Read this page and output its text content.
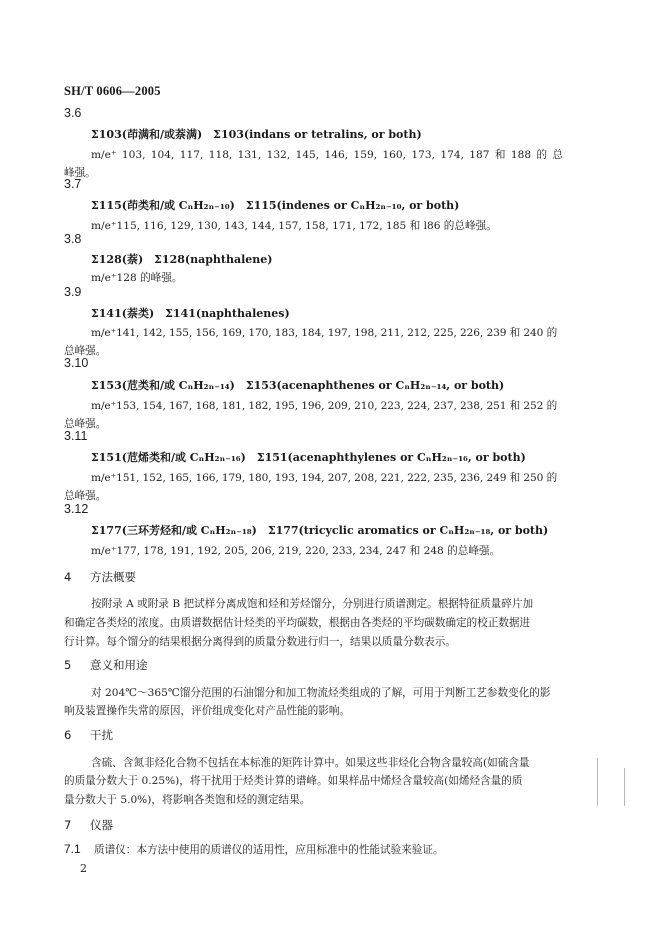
SH/T 0606—2005
3.6
Σ103(茚满和/或萘满)　Σ103(indans or tetralins, or both)
m/e⁺ 103, 104, 117, 118, 131, 132, 145, 146, 159, 160, 173, 174, 187 和 188 的 总
峰强。
3.7
Σ115(茚类和/或 CₙH₂ₙ₋₁₀)　Σ115(indenes or CₙH₂ₙ₋₁₀, or both)
m/e⁺115, 116, 129, 130, 143, 144, 157, 158, 171, 172, 185 和 l86 的总峰强。
3.8
Σ128(萘)　Σ128(naphthalene)
m/e⁺128 的峰强。
3.9
Σ141(萘类)　Σ141(naphthalenes)
m/e⁺141, 142, 155, 156, 169, 170, 183, 184, 197, 198, 211, 212, 225, 226, 239 和 240 的
总峰强。
3.10
Σ153(苊类和/或 CₙH₂ₙ₋₁₄)　Σ153(acenaphthenes or CₙH₂ₙ₋₁₄, or both)
m/e⁺153, 154, 167, 168, 181, 182, 195, 196, 209, 210, 223, 224, 237, 238, 251 和 252 的
总峰强。
3.11
Σ151(苊烯类和/或 CₙH₂ₙ₋₁₆)　Σ151(acenaphthylenes or CₙH₂ₙ₋₁₆, or both)
m/e⁺151, 152, 165, 166, 179, 180, 193, 194, 207, 208, 221, 222, 235, 236, 249 和 250 的
总峰强。
3.12
Σ177(三环芳烃和/或 CₙH₂ₙ₋₁₈)　Σ177(tricyclic aromatics or CₙH₂ₙ₋₁₈, or both)
m/e⁺177, 178, 191, 192, 205, 206, 219, 220, 233, 234, 247 和 248 的总峰强。
4 方法概要
按附录 A 或附录 B 把试样分离成饱和烃和芳烃馏分，分别进行质谱测定。根据特征质量碎片加
和确定各类烃的浓度。由质谱数据估计烃类的平均碳数，根据由各类烃的平均碳数确定的校正数据进
行计算。每个馏分的结果根据分离得到的质量分数进行归一，结果以质量分数表示。
5 意义和用途
对 204℃～365℃馏分范围的石油馏分和加工物流烃类组成的了解，可用于判断工艺参数变化的影
响及装置操作失常的原因，评价组成变化对产品性能的影响。
6 干扰
含硫、含氮非烃化合物不包括在本标准的矩阵计算中。如果这些非烃化合物含量较高(如硫含量
的质量分数大于 0.25%)，将干扰用于烃类计算的谱峰。如果样品中烯烃含量较高(如烯烃含量的质
量分数大于 5.0%)，将影响各类饱和烃的测定结果。
7 仪器
7.1 质谱仪：本方法中使用的质谱仪的适用性，应用标准中的性能试验来验证。
2
